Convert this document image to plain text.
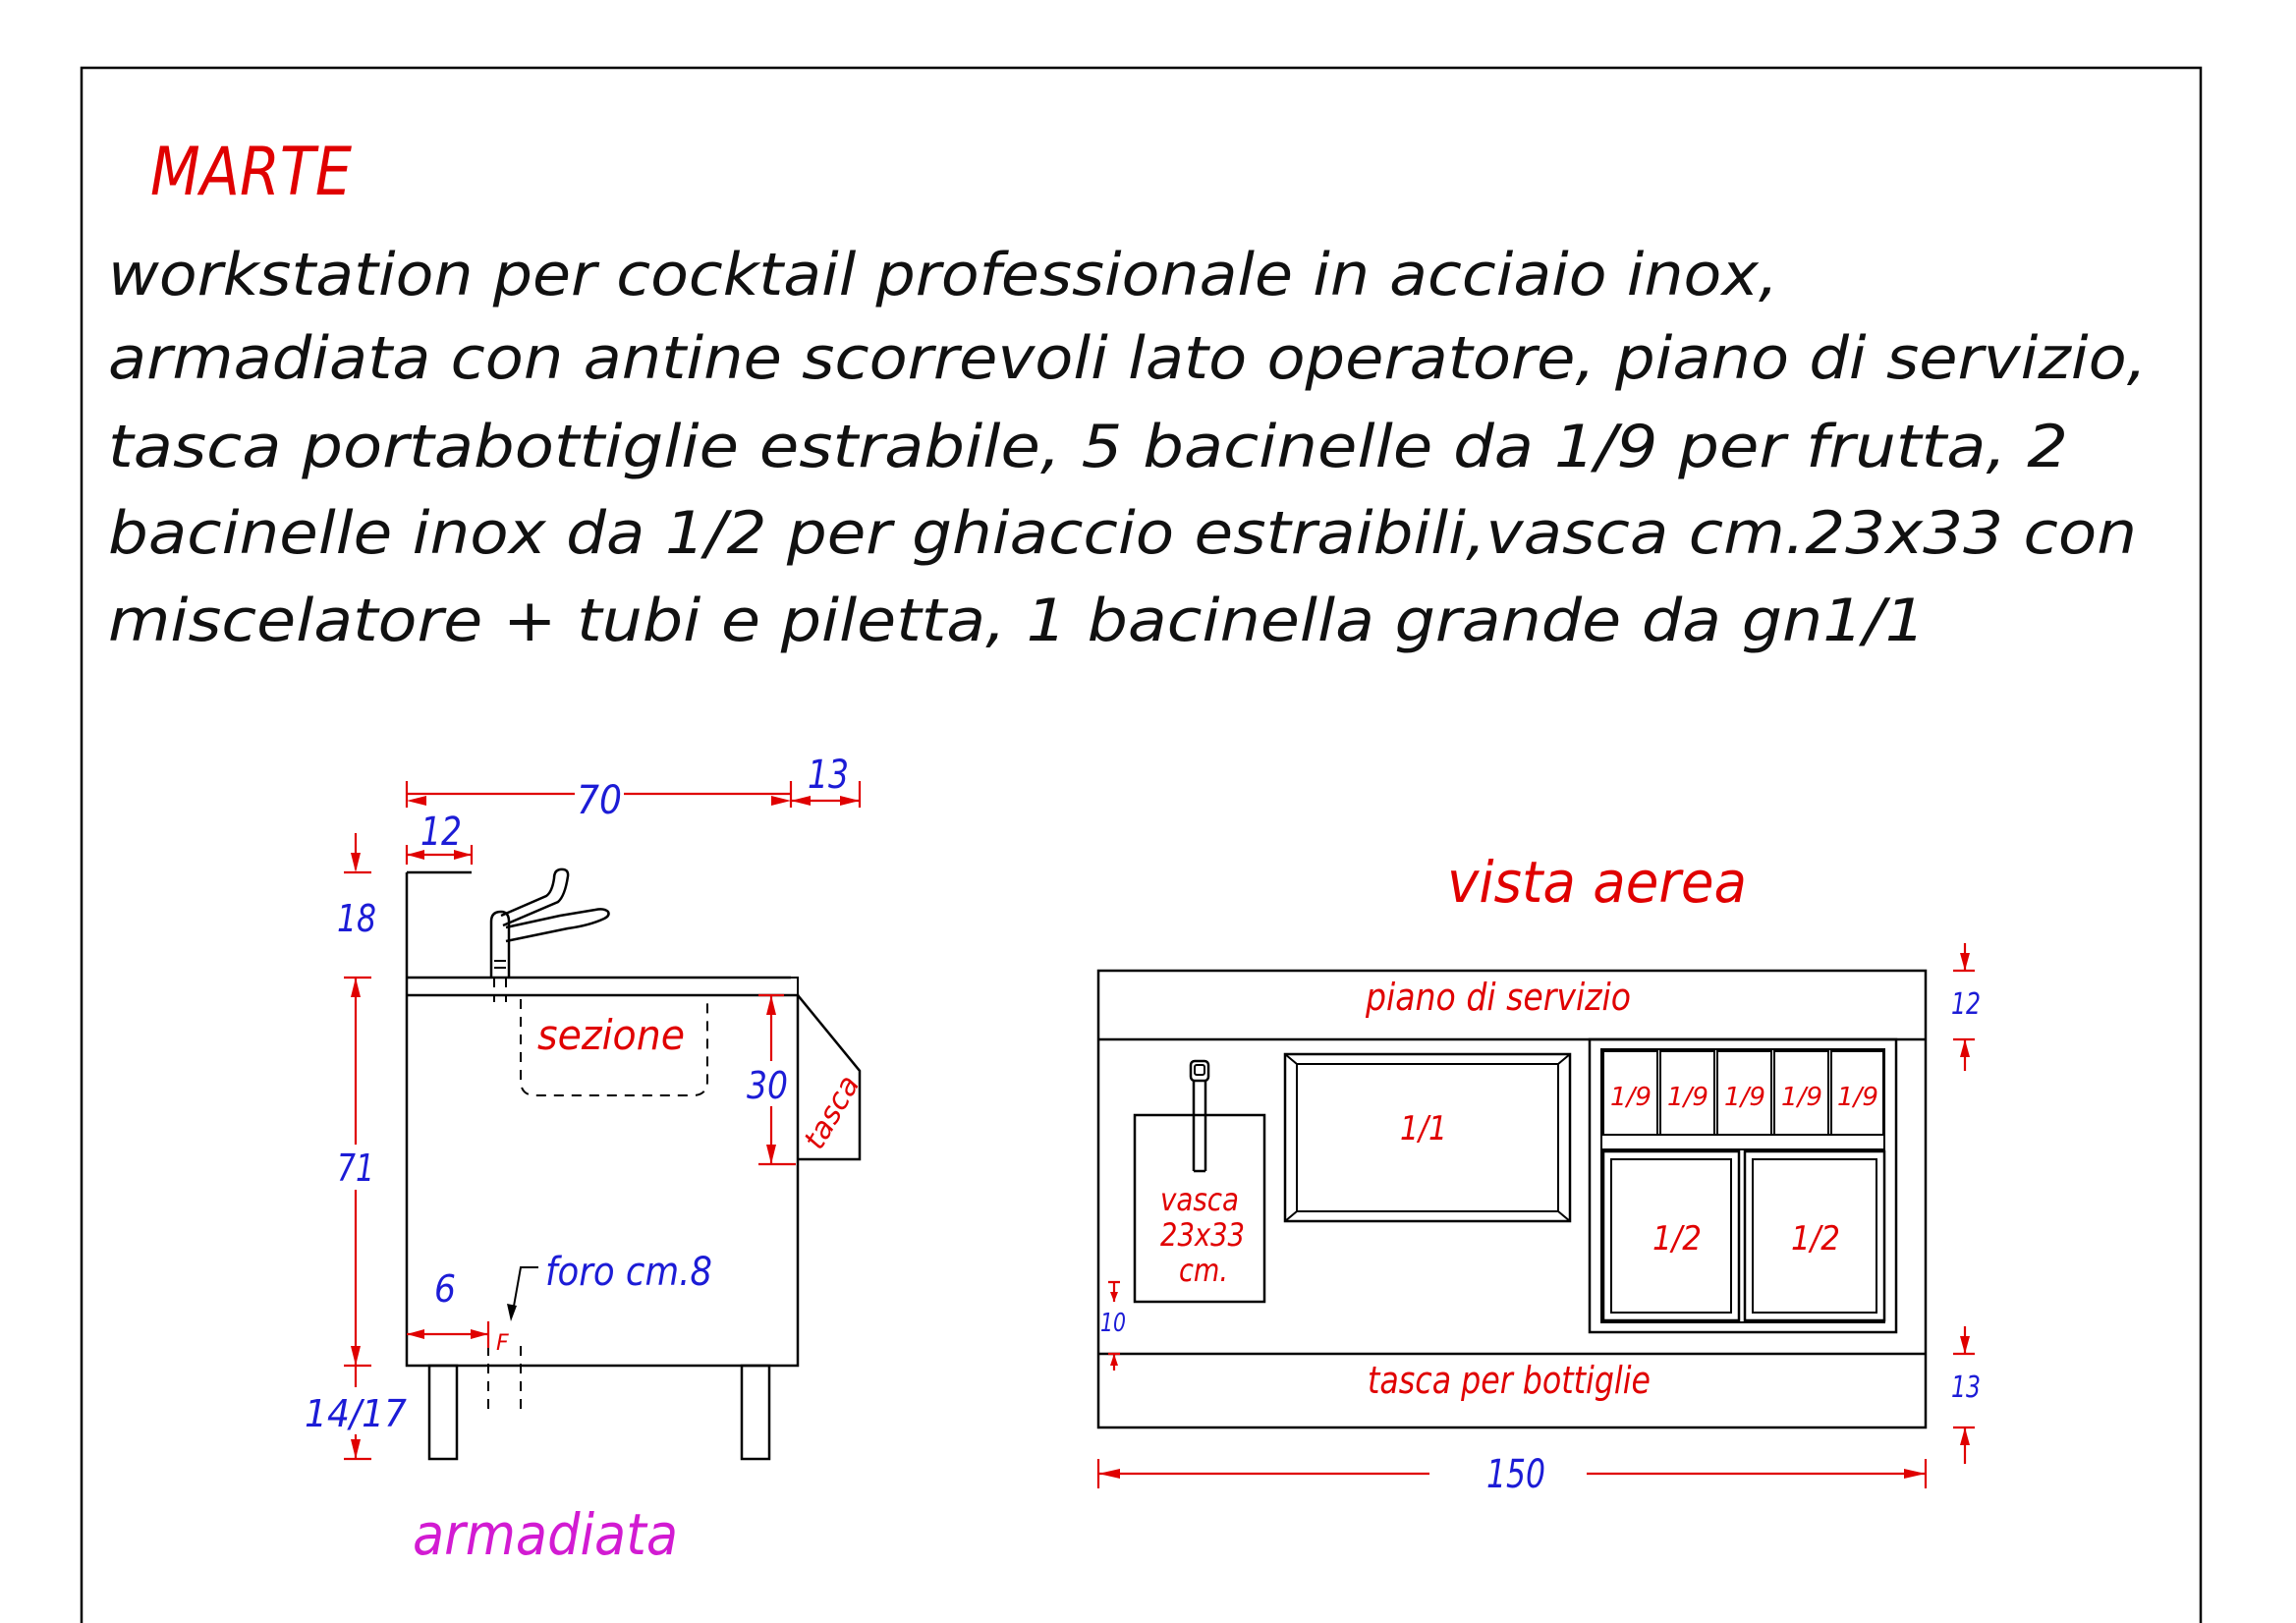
MARTE
workstation per cocktail professionale in acciaio inox,
armadiata con antine scorrevoli lato operatore, piano di servizio,
tasca portabottiglie estrabile, 5 bacinelle da 1/9 per frutta, 2
bacinelle inox da 1/2 per ghiaccio estraibili,vasca cm.23x33 con
miscelatore + tubi e piletta, 1 bacinella grande da gn1/1
sezione
tasca
F
70
13
12
18
71
30
6 foro cm.8
14/17
armadiata
vista aerea
piano di servizio
tasca per bottiglie
vasca
23x33
cm.
1/1
1/9 1/9 1/9 1/9 1/9
1/2	1/2
150
12
13
10
